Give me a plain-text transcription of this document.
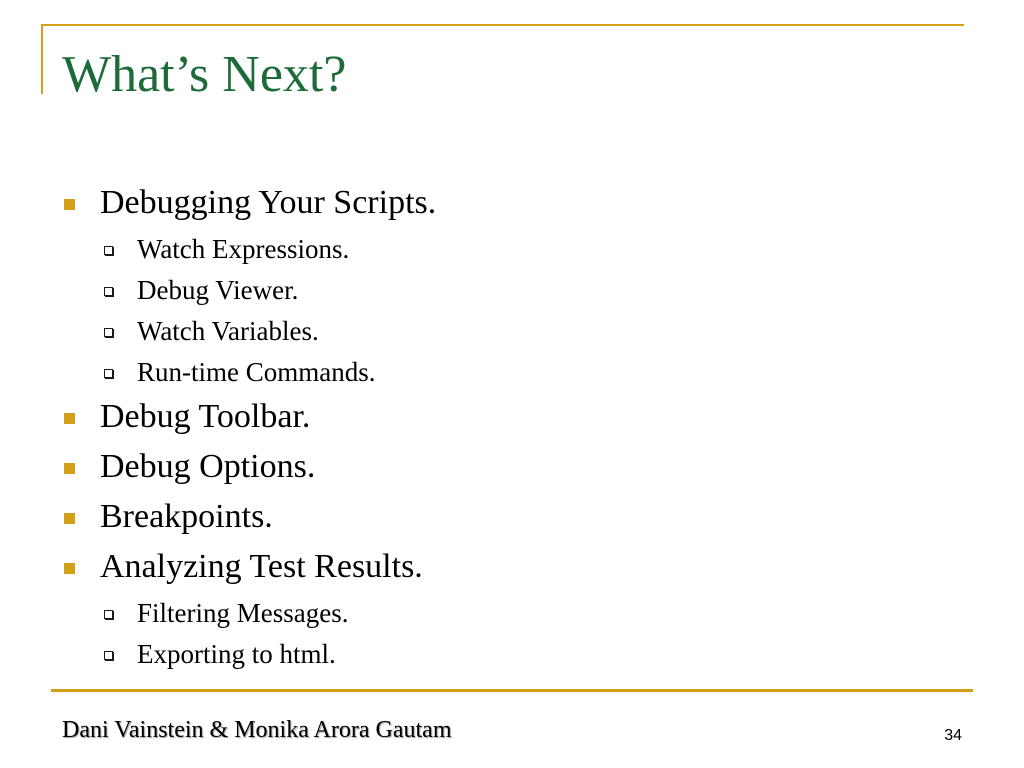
What’s Next?
Debugging Your Scripts.
Watch Expressions.
Debug Viewer.
Watch Variables.
Run-time Commands.
Debug Toolbar.
Debug Options.
Breakpoints.
Analyzing Test Results.
Filtering Messages.
Exporting to html.
Dani Vainstein & Monika Arora Gautam	34
